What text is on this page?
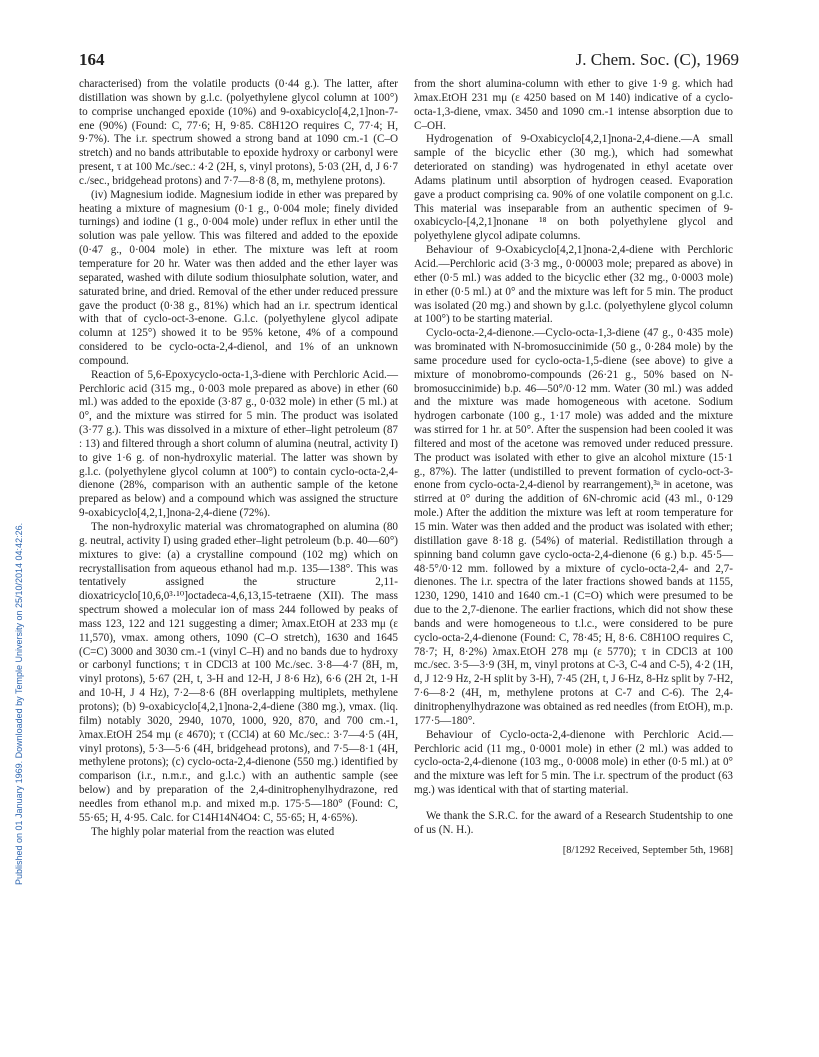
164	J. Chem. Soc. (C), 1969
Published on 01 January 1969. Downloaded by Temple University on 25/10/2014 04:42:26.

characterised) from the volatile products (0·44 g.). The latter, after distillation was shown by g.l.c. (polyethylene glycol column at 100°) to comprise unchanged epoxide (10%) and 9-oxabicyclo[4,2,1]non-7-ene (90%) (Found: C, 77·6; H, 9·85. C8H12O requires C, 77·4; H, 9·7%). The i.r. spectrum showed a strong band at 1090 cm.-1 (C–O stretch) and no bands attributable to epoxide hydroxy or carbonyl were present, τ at 100 Mc./sec.: 4·2 (2H, s, vinyl protons), 5·03 (2H, d, J 6·7 c./sec., bridgehead protons) and 7·7—8·8 (8, m, methylene protons).

(iv) Magnesium iodide. Magnesium iodide in ether was prepared by heating a mixture of magnesium (0·1 g., 0·004 mole; finely divided turnings) and iodine (1 g., 0·004 mole) under reflux in ether until the solution was pale yellow. This was filtered and added to the epoxide (0·47 g., 0·004 mole) in ether. The mixture was left at room temperature for 20 hr. Water was then added and the ether layer was separated, washed with dilute sodium thiosulphate solution, water, and saturated brine, and dried. Removal of the ether under reduced pressure gave the product (0·38 g., 81%) which had an i.r. spectrum identical with that of cyclo-oct-3-enone. G.l.c. (polyethylene glycol adipate column at 125°) showed it to be 95% ketone, 4% of a compound considered to be cyclo-octa-2,4-dienol, and 1% of an unknown compound.

Reaction of 5,6-Epoxycyclo-octa-1,3-diene with Perchloric Acid.—Perchloric acid (315 mg., 0·003 mole prepared as above) in ether (60 ml.) was added to the epoxide (3·87 g., 0·032 mole) in ether (5 ml.) at 0°, and the mixture was stirred for 5 min. The product was isolated (3·77 g.). This was dissolved in a mixture of ether–light petroleum (87 : 13) and filtered through a short column of alumina (neutral, activity I) to give 1·6 g. of non-hydroxylic material. The latter was shown by g.l.c. (polyethylene glycol column at 100°) to contain cyclo-octa-2,4-dienone (28%, comparison with an authentic sample of the ketone prepared as below) and a compound which was assigned the structure 9-oxabicyclo[4,2,1,]nona-2,4-diene (72%).

The non-hydroxylic material was chromatographed on alumina (80 g. neutral, activity I) using graded ether–light petroleum (b.p. 40—60°) mixtures to give: (a) a crystalline compound (102 mg) which on recrystallisation from aqueous ethanol had m.p. 135—138°. This was tentatively assigned the structure 2,11-dioxatricyclo[10,6,0³·¹⁰]octadeca-4,6,13,15-tetraene (XII). The mass spectrum showed a molecular ion of mass 244 followed by peaks of mass 123, 122 and 121 suggesting a dimer; λmax.EtOH at 233 mμ (ε 11,570), νmax. among others, 1090 (C–O stretch), 1630 and 1645 (C=C) 3000 and 3030 cm.-1 (vinyl C–H) and no bands due to hydroxy or carbonyl functions; τ in CDCl3 at 100 Mc./sec. 3·8—4·7 (8H, m, vinyl protons), 5·67 (2H, t, 3-H and 12-H, J 8·6 Hz), 6·6 (2H 2t, 1-H and 10-H, J 4 Hz), 7·2—8·6 (8H overlapping multiplets, methylene protons); (b) 9-oxabicyclo[4,2,1]nona-2,4-diene (380 mg.), νmax. (liq. film) notably 3020, 2940, 1070, 1000, 920, 870, and 700 cm.-1, λmax.EtOH 254 mμ (ε 4670); τ (CCl4) at 60 Mc./sec.: 3·7—4·5 (4H, vinyl protons), 5·3—5·6 (4H, bridgehead protons), and 7·5—8·1 (4H, methylene protons); (c) cyclo-octa-2,4-dienone (550 mg.) identified by comparison (i.r., n.m.r., and g.l.c.) with an authentic sample (see below) and by preparation of the 2,4-dinitrophenylhydrazone, red needles from ethanol m.p. and mixed m.p. 175·5—180° (Found: C, 55·65; H, 4·95. Calc. for C14H14N4O4: C, 55·65; H, 4·65%).

The highly polar material from the reaction was eluted

from the short alumina-column with ether to give 1·9 g. which had λmax.EtOH 231 mμ (ε 4250 based on M 140) indicative of a cyclo-octa-1,3-diene, νmax. 3450 and 1090 cm.-1 intense absorption due to C–OH.

Hydrogenation of 9-Oxabicyclo[4,2,1]nona-2,4-diene.—A small sample of the bicyclic ether (30 mg.), which had somewhat deteriorated on standing) was hydrogenated in ethyl acetate over Adams platinum until absorption of hydrogen ceased. Evaporation gave a product comprising ca. 90% of one volatile component on g.l.c. This material was inseparable from an authentic specimen of 9-oxabicyclo-[4,2,1]nonane ¹⁸ on both polyethylene glycol and polyethylene glycol adipate columns.

Behaviour of 9-Oxabicyclo[4,2,1]nona-2,4-diene with Perchloric Acid.—Perchloric acid (3·3 mg., 0·00003 mole; prepared as above) in ether (0·5 ml.) was added to the bicyclic ether (32 mg., 0·0003 mole) in ether (0·5 ml.) at 0° and the mixture was left for 5 min. The product was isolated (20 mg.) and shown by g.l.c. (polyethylene glycol column at 100°) to be starting material.

Cyclo-octa-2,4-dienone.—Cyclo-octa-1,3-diene (47 g., 0·435 mole) was brominated with N-bromosuccinimide (50 g., 0·284 mole) by the same procedure used for cyclo-octa-1,5-diene (see above) to give a mixture of monobromo-compounds (26·21 g., 50% based on N-bromosuccinimide) b.p. 46—50°/0·12 mm. Water (30 ml.) was added and the mixture was made homogeneous with acetone. Sodium hydrogen carbonate (100 g., 1·17 mole) was added and the mixture was stirred for 1 hr. at 50°. After the suspension had been cooled it was filtered and most of the acetone was removed under reduced pressure. The product was isolated with ether to give an alcohol mixture (15·1 g., 87%). The latter (undistilled to prevent formation of cyclo-oct-3-enone from cyclo-octa-2,4-dienol by rearrangement),³ᵃ in acetone, was stirred at 0° during the addition of 6N-chromic acid (43 ml., 0·129 mole.) After the addition the mixture was left at room temperature for 15 min. Water was then added and the product was isolated with ether; distillation gave 8·18 g. (54%) of material. Redistillation through a spinning band column gave cyclo-octa-2,4-dienone (6 g.) b.p. 45·5—48·5°/0·12 mm. followed by a mixture of cyclo-octa-2,4- and 2,7-dienones. The i.r. spectra of the later fractions showed bands at 1155, 1230, 1290, 1410 and 1640 cm.-1 (C=O) which were presumed to be due to the 2,7-dienone. The earlier fractions, which did not show these bands and were homogeneous to t.l.c., were considered to be pure cyclo-octa-2,4-dienone (Found: C, 78·45; H, 8·6. C8H10O requires C, 78·7; H, 8·2%) λmax.EtOH 278 mμ (ε 5770); τ in CDCl3 at 100 mc./sec. 3·5—3·9 (3H, m, vinyl protons at C-3, C-4 and C-5), 4·2 (1H, d, J 12·9 Hz, 2-H split by 3-H), 7·45 (2H, t, J 6-Hz, 8-Hz split by 7-H2, 7·6—8·2 (4H, m, methylene protons at C-7 and C-6). The 2,4-dinitrophenylhydrazone was obtained as red needles (from EtOH), m.p. 177·5—180°.

Behaviour of Cyclo-octa-2,4-dienone with Perchloric Acid.—Perchloric acid (11 mg., 0·0001 mole) in ether (2 ml.) was added to cyclo-octa-2,4-dienone (103 mg., 0·0008 mole) in ether (0·5 ml.) at 0° and the mixture was left for 5 min. The i.r. spectrum of the product (63 mg.) was identical with that of starting material.

We thank the S.R.C. for the award of a Research Studentship to one of us (N. H.).

[8/1292 Received, September 5th, 1968]
